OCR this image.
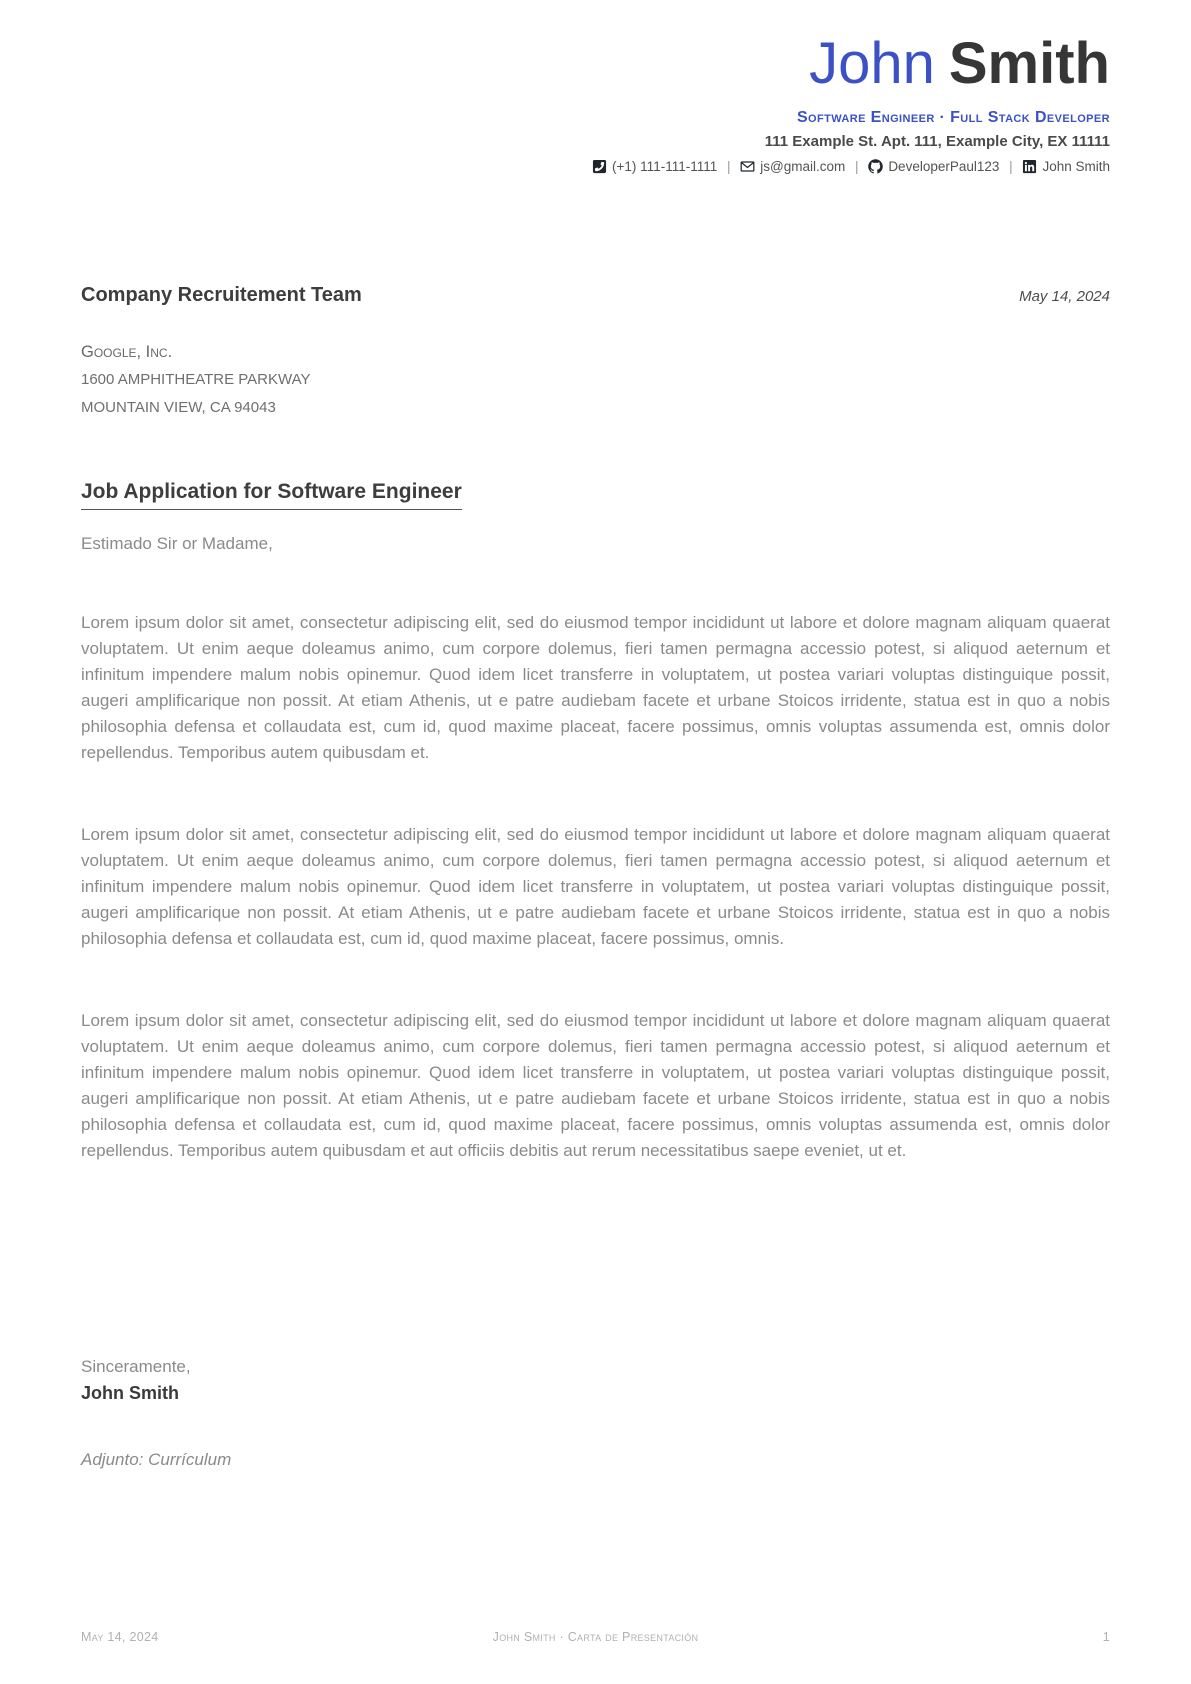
John Smith
Software Engineer · Full Stack Developer
111 Example St. Apt. 111, Example City, EX 11111
(+1) 111-111-1111 | js@gmail.com | DeveloperPaul123 | John Smith
Company Recruitement Team	May 14, 2024
Google, Inc.
1600 AMPHITHEATRE PARKWAY
MOUNTAIN VIEW, CA 94043
Job Application for Software Engineer

Estimado Sir or Madame,

Lorem ipsum dolor sit amet, consectetur adipiscing elit, sed do eiusmod tempor incididunt ut labore et dolore magnam aliquam quaerat voluptatem. Ut enim aeque doleamus animo, cum corpore dolemus, fieri tamen permagna accessio potest, si aliquod aeternum et infinitum impendere malum nobis opinemur. Quod idem licet transferre in voluptatem, ut postea variari voluptas distinguique possit, augeri amplificarique non possit. At etiam Athenis, ut e patre audiebam facete et urbane Stoicos irridente, statua est in quo a nobis philosophia defensa et collaudata est, cum id, quod maxime placeat, facere possimus, omnis voluptas assumenda est, omnis dolor repellendus. Temporibus autem quibusdam et.

Lorem ipsum dolor sit amet, consectetur adipiscing elit, sed do eiusmod tempor incididunt ut labore et dolore magnam aliquam quaerat voluptatem. Ut enim aeque doleamus animo, cum corpore dolemus, fieri tamen permagna accessio potest, si aliquod aeternum et infinitum impendere malum nobis opinemur. Quod idem licet transferre in voluptatem, ut postea variari voluptas distinguique possit, augeri amplificarique non possit. At etiam Athenis, ut e patre audiebam facete et urbane Stoicos irridente, statua est in quo a nobis philosophia defensa et collaudata est, cum id, quod maxime placeat, facere possimus, omnis.

Lorem ipsum dolor sit amet, consectetur adipiscing elit, sed do eiusmod tempor incididunt ut labore et dolore magnam aliquam quaerat voluptatem. Ut enim aeque doleamus animo, cum corpore dolemus, fieri tamen permagna accessio potest, si aliquod aeternum et infinitum impendere malum nobis opinemur. Quod idem licet transferre in voluptatem, ut postea variari voluptas distinguique possit, augeri amplificarique non possit. At etiam Athenis, ut e patre audiebam facete et urbane Stoicos irridente, statua est in quo a nobis philosophia defensa et collaudata est, cum id, quod maxime placeat, facere possimus, omnis voluptas assumenda est, omnis dolor repellendus. Temporibus autem quibusdam et aut officiis debitis aut rerum necessitatibus saepe eveniet, ut et.

Sinceramente,
John Smith
Adjunto: Currículum
May 14, 2024	John Smith · Carta de Presentación	1
